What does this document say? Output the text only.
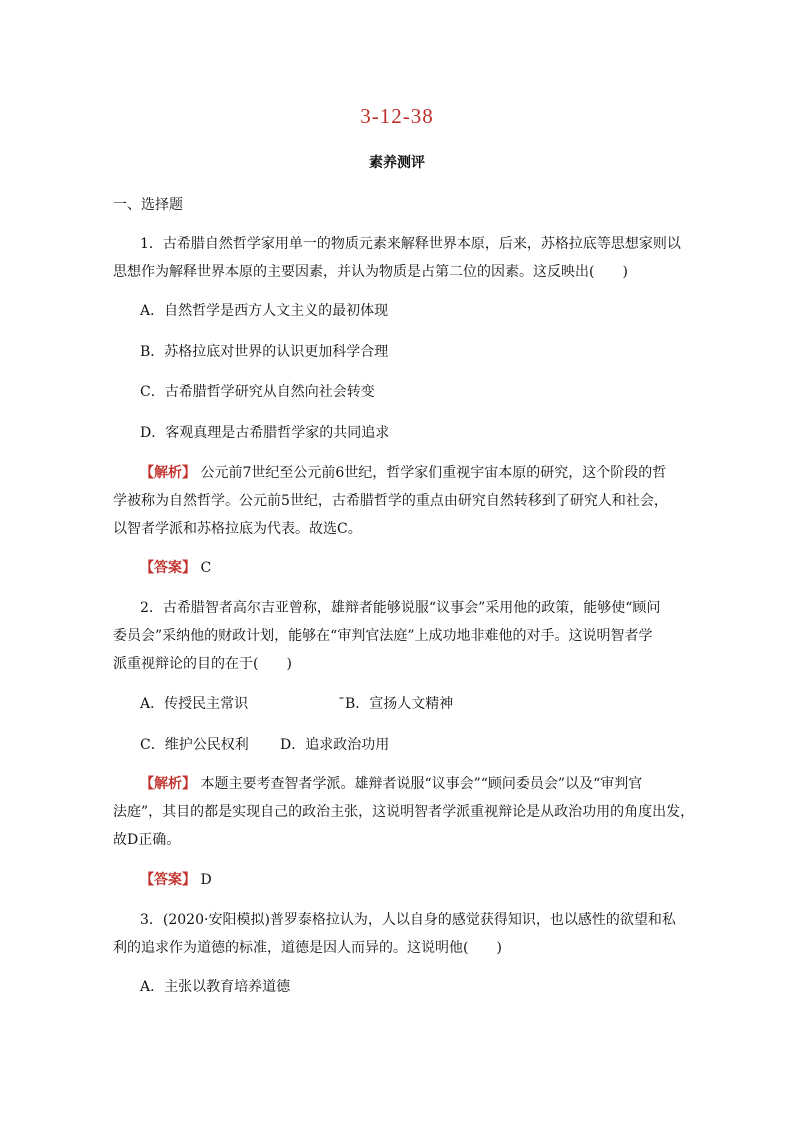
3-12-38
素养测评
一、选择题
1．古希腊自然哲学家用单一的物质元素来解释世界本原，后来，苏格拉底等思想家则以
思想作为解释世界本原的主要因素，并认为物质是占第二位的因素。这反映出(　　)
A．自然哲学是西方人文主义的最初体现
B．苏格拉底对世界的认识更加科学合理
C．古希腊哲学研究从自然向社会转变
D．客观真理是古希腊哲学家的共同追求
【解析】 公元前7世纪至公元前6世纪，哲学家们重视宇宙本原的研究，这个阶段的哲
学被称为自然哲学。公元前5世纪，古希腊哲学的重点由研究自然转移到了研究人和社会，
以智者学派和苏格拉底为代表。故选C。
【答案】 C
2．古希腊智者高尔吉亚曾称，雄辩者能够说服“议事会”采用他的政策，能够使“顾问
委员会”采纳他的财政计划，能够在“审判官法庭”上成功地非难他的对手。这说明智者学
派重视辩论的目的在于(　　)
A．传授民主常识	ˉB．宣扬人文精神
C．维护公民权利 D．追求政治功用
【解析】 本题主要考查智者学派。雄辩者说服“议事会”“顾问委员会”以及“审判官
法庭”，其目的都是实现自己的政治主张，这说明智者学派重视辩论是从政治功用的角度出发，
故D正确。
【答案】 D
3．(2020·安阳模拟)普罗泰格拉认为，人以自身的感觉获得知识，也以感性的欲望和私
利的追求作为道德的标准，道德是因人而异的。这说明他(　　)
A．主张以教育培养道德
